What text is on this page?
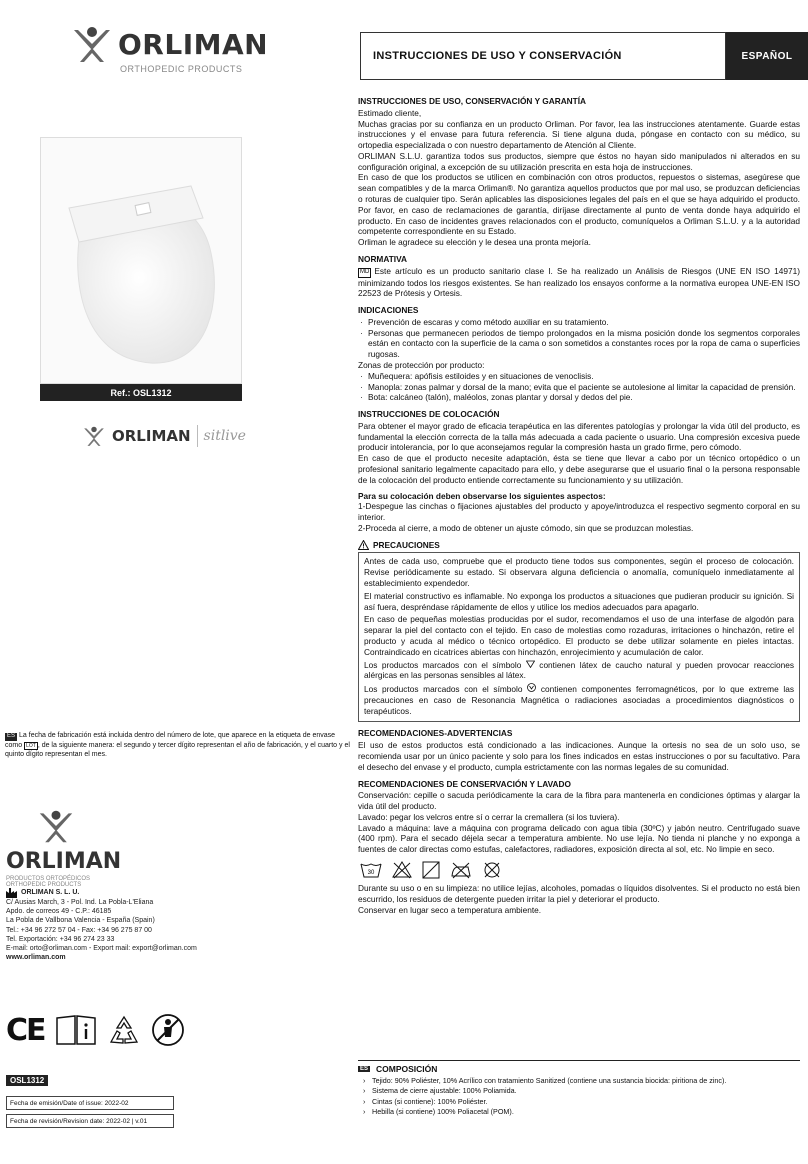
ORLIMAN
ORTHOPEDIC PRODUCTS
INSTRUCCIONES DE USO Y CONSERVACIÓN	ESPAÑOL
Ref.: OSL1312
ORLIMAN sitlive
INSTRUCCIONES DE USO, CONSERVACIÓN Y GARANTÍA

Estimado cliente,

Muchas gracias por su confianza en un producto Orliman. Por favor, lea las instrucciones atentamente. Guarde estas instrucciones y el envase para futura referencia. Si tiene alguna duda, póngase en contacto con su médico, su ortopedia especializada o con nuestro departamento de Atención al Cliente.

ORLIMAN S.L.U. garantiza todos sus productos, siempre que éstos no hayan sido manipulados ni alterados en su configuración original, a excepción de su utilización prescrita en esta hoja de instrucciones.

En caso de que los productos se utilicen en combinación con otros productos, repuestos o sistemas, asegúrese que sean compatibles y de la marca Orliman®. No garantiza aquellos productos que por mal uso, se produzcan deficiencias o roturas de cualquier tipo. Serán aplicables las disposiciones legales del país en el que se haya adquirido el producto. Por favor, en caso de reclamaciones de garantía, diríjase directamente al punto de venta donde haya adquirido el producto. En caso de incidentes graves relacionados con el producto, comuníquelos a Orliman S.L.U. y a la autoridad competente correspondiente en su Estado.

Orliman le agradece su elección y le desea una pronta mejoría.

NORMATIVA

MD Este artículo es un producto sanitario clase I. Se ha realizado un Análisis de Riesgos (UNE EN ISO 14971) minimizando todos los riesgos existentes. Se han realizado los ensayos conforme a la normativa europea UNE-EN ISO 22523 de Prótesis y Ortesis.

INDICACIONES
· Prevención de escaras y como método auxiliar en su tratamiento.
· Personas que permanecen periodos de tiempo prolongados en la misma posición donde los segmentos corporales están en contacto con la superficie de la cama o son sometidos a constantes roces por la ropa de cama o superficies rugosas.

Zonas de protección por producto:

· Muñequera: apófisis estiloides y en situaciones de venoclisis.
· Manopla: zonas palmar y dorsal de la mano; evita que el paciente se autolesione al limitar la capacidad de prensión.
· Bota: calcáneo (talón), maléolos, zonas plantar y dorsal y dedos del pie.
INSTRUCCIONES DE COLOCACIÓN

Para obtener el mayor grado de eficacia terapéutica en las diferentes patologías y prolongar la vida útil del producto, es fundamental la elección correcta de la talla más adecuada a cada paciente o usuario. Una compresión excesiva puede producir intolerancia, por lo que aconsejamos regular la compresión hasta un grado firme, pero cómodo.

En caso de que el producto necesite adaptación, ésta se tiene que llevar a cabo por un técnico ortopédico o un profesional sanitario legalmente capacitado para ello, y debe asegurarse que el usuario final o la persona responsable de la colocación del producto entiende correctamente su funcionamiento y su utilización.

Para su colocación deben observarse los siguientes aspectos:

1-Despegue las cinchas o fijaciones ajustables del producto y apoye/introduzca el respectivo segmento corporal en su interior.

2-Proceda al cierre, a modo de obtener un ajuste cómodo, sin que se produzcan molestias.

PRECAUCIONES

Antes de cada uso, compruebe que el producto tiene todos sus componentes, según el proceso de colocación. Revise periódicamente su estado. Si observara alguna deficiencia o anomalía, comuníquelo inmediatamente al establecimiento expendedor.

El material constructivo es inflamable. No exponga los productos a situaciones que pudieran producir su ignición. Si así fuera, despréndase rápidamente de ellos y utilice los medios adecuados para apagarlo.

En caso de pequeñas molestias producidas por el sudor, recomendamos el uso de una interfase de algodón para separar la piel del contacto con el tejido. En caso de molestias como rozaduras, irritaciones o hinchazón, retire el producto y acuda al médico o técnico ortopédico. El producto se debe utilizar solamente en pieles intactas. Contraindicado en cicatrices abiertas con hinchazón, enrojecimiento y acumulación de calor.

Los productos marcados con el símbolo contienen látex de caucho natural y pueden provocar reacciones alérgicas en las personas sensibles al látex.

Los productos marcados con el símbolo contienen componentes ferromagnéticos, por lo que extreme las precauciones en caso de Resonancia Magnética o radiaciones asociadas a procedimientos diagnósticos o terapéuticos.

RECOMENDACIONES-ADVERTENCIAS

El uso de estos productos está condicionado a las indicaciones. Aunque la ortesis no sea de un solo uso, se recomienda usar por un único paciente y solo para los fines indicados en estas instrucciones o por su facultativo. Para el desecho del envase y el producto, cumpla estrictamente con las normas legales de su comunidad.

RECOMENDACIONES DE CONSERVACIÓN Y LAVADO

Conservación: cepille o sacuda periódicamente la cara de la fibra para mantenerla en condiciones óptimas y alargar la vida útil del producto.

Lavado: pegar los velcros entre sí o cerrar la cremallera (si los tuviera).

Lavado a máquina: lave a máquina con programa delicado con agua tibia (30ºC) y jabón neutro. Centrifugado suave (400 rpm). Para el secado déjela secar a temperatura ambiente. No use lejía. No tienda ni planche y no exponga a fuentes de calor directas como estufas, calefactores, radiadores, exposición directa al sol, etc. No limpie en seco.

30

Durante su uso o en su limpieza: no utilice lejías, alcoholes, pomadas o líquidos disolventes. Si el producto no está bien escurrido, los residuos de detergente pueden irritar la piel y deteriorar el producto.

Conservar en lugar seco a temperatura ambiente.

ES La fecha de fabricación está incluida dentro del número de lote, que aparece en la etiqueta de envase como LOT , de la siguiente manera: el segundo y tercer dígito representan el año de fabricación, y el cuarto y el quinto dígito representan el mes.
ORLIMAN
PRODUCTOS ORTOPÉDICOS
ORTHOPEDIC PRODUCTS
ORLIMAN S. L. U.
C/ Ausias March, 3 - Pol. Ind. La Pobla-L'Eliana
Apdo. de correos 49 - C.P.: 46185
La Pobla de Vallbona Valencia - España (Spain)
Tel.: +34 96 272 57 04 - Fax: +34 96 275 87 00
Tel. Exportación: +34 96 274 23 33
E-mail: orto@orliman.com - Export mail: export@orliman.com
www.orliman.com
CE
OSL1312
Fecha de emisión/Date of issue: 2022-02
Fecha de revisión/Revision date: 2022-02 | v.01
ES COMPOSICIÓN
› Tejido: 90% Poliéster, 10% Acrílico con tratamiento Sanitized (contiene una sustancia biocida: piritiona de zinc).
› Sistema de cierre ajustable: 100% Poliamida.
› Cintas (si contiene): 100% Poliéster.
› Hebilla (si contiene) 100% Poliacetal (POM).
